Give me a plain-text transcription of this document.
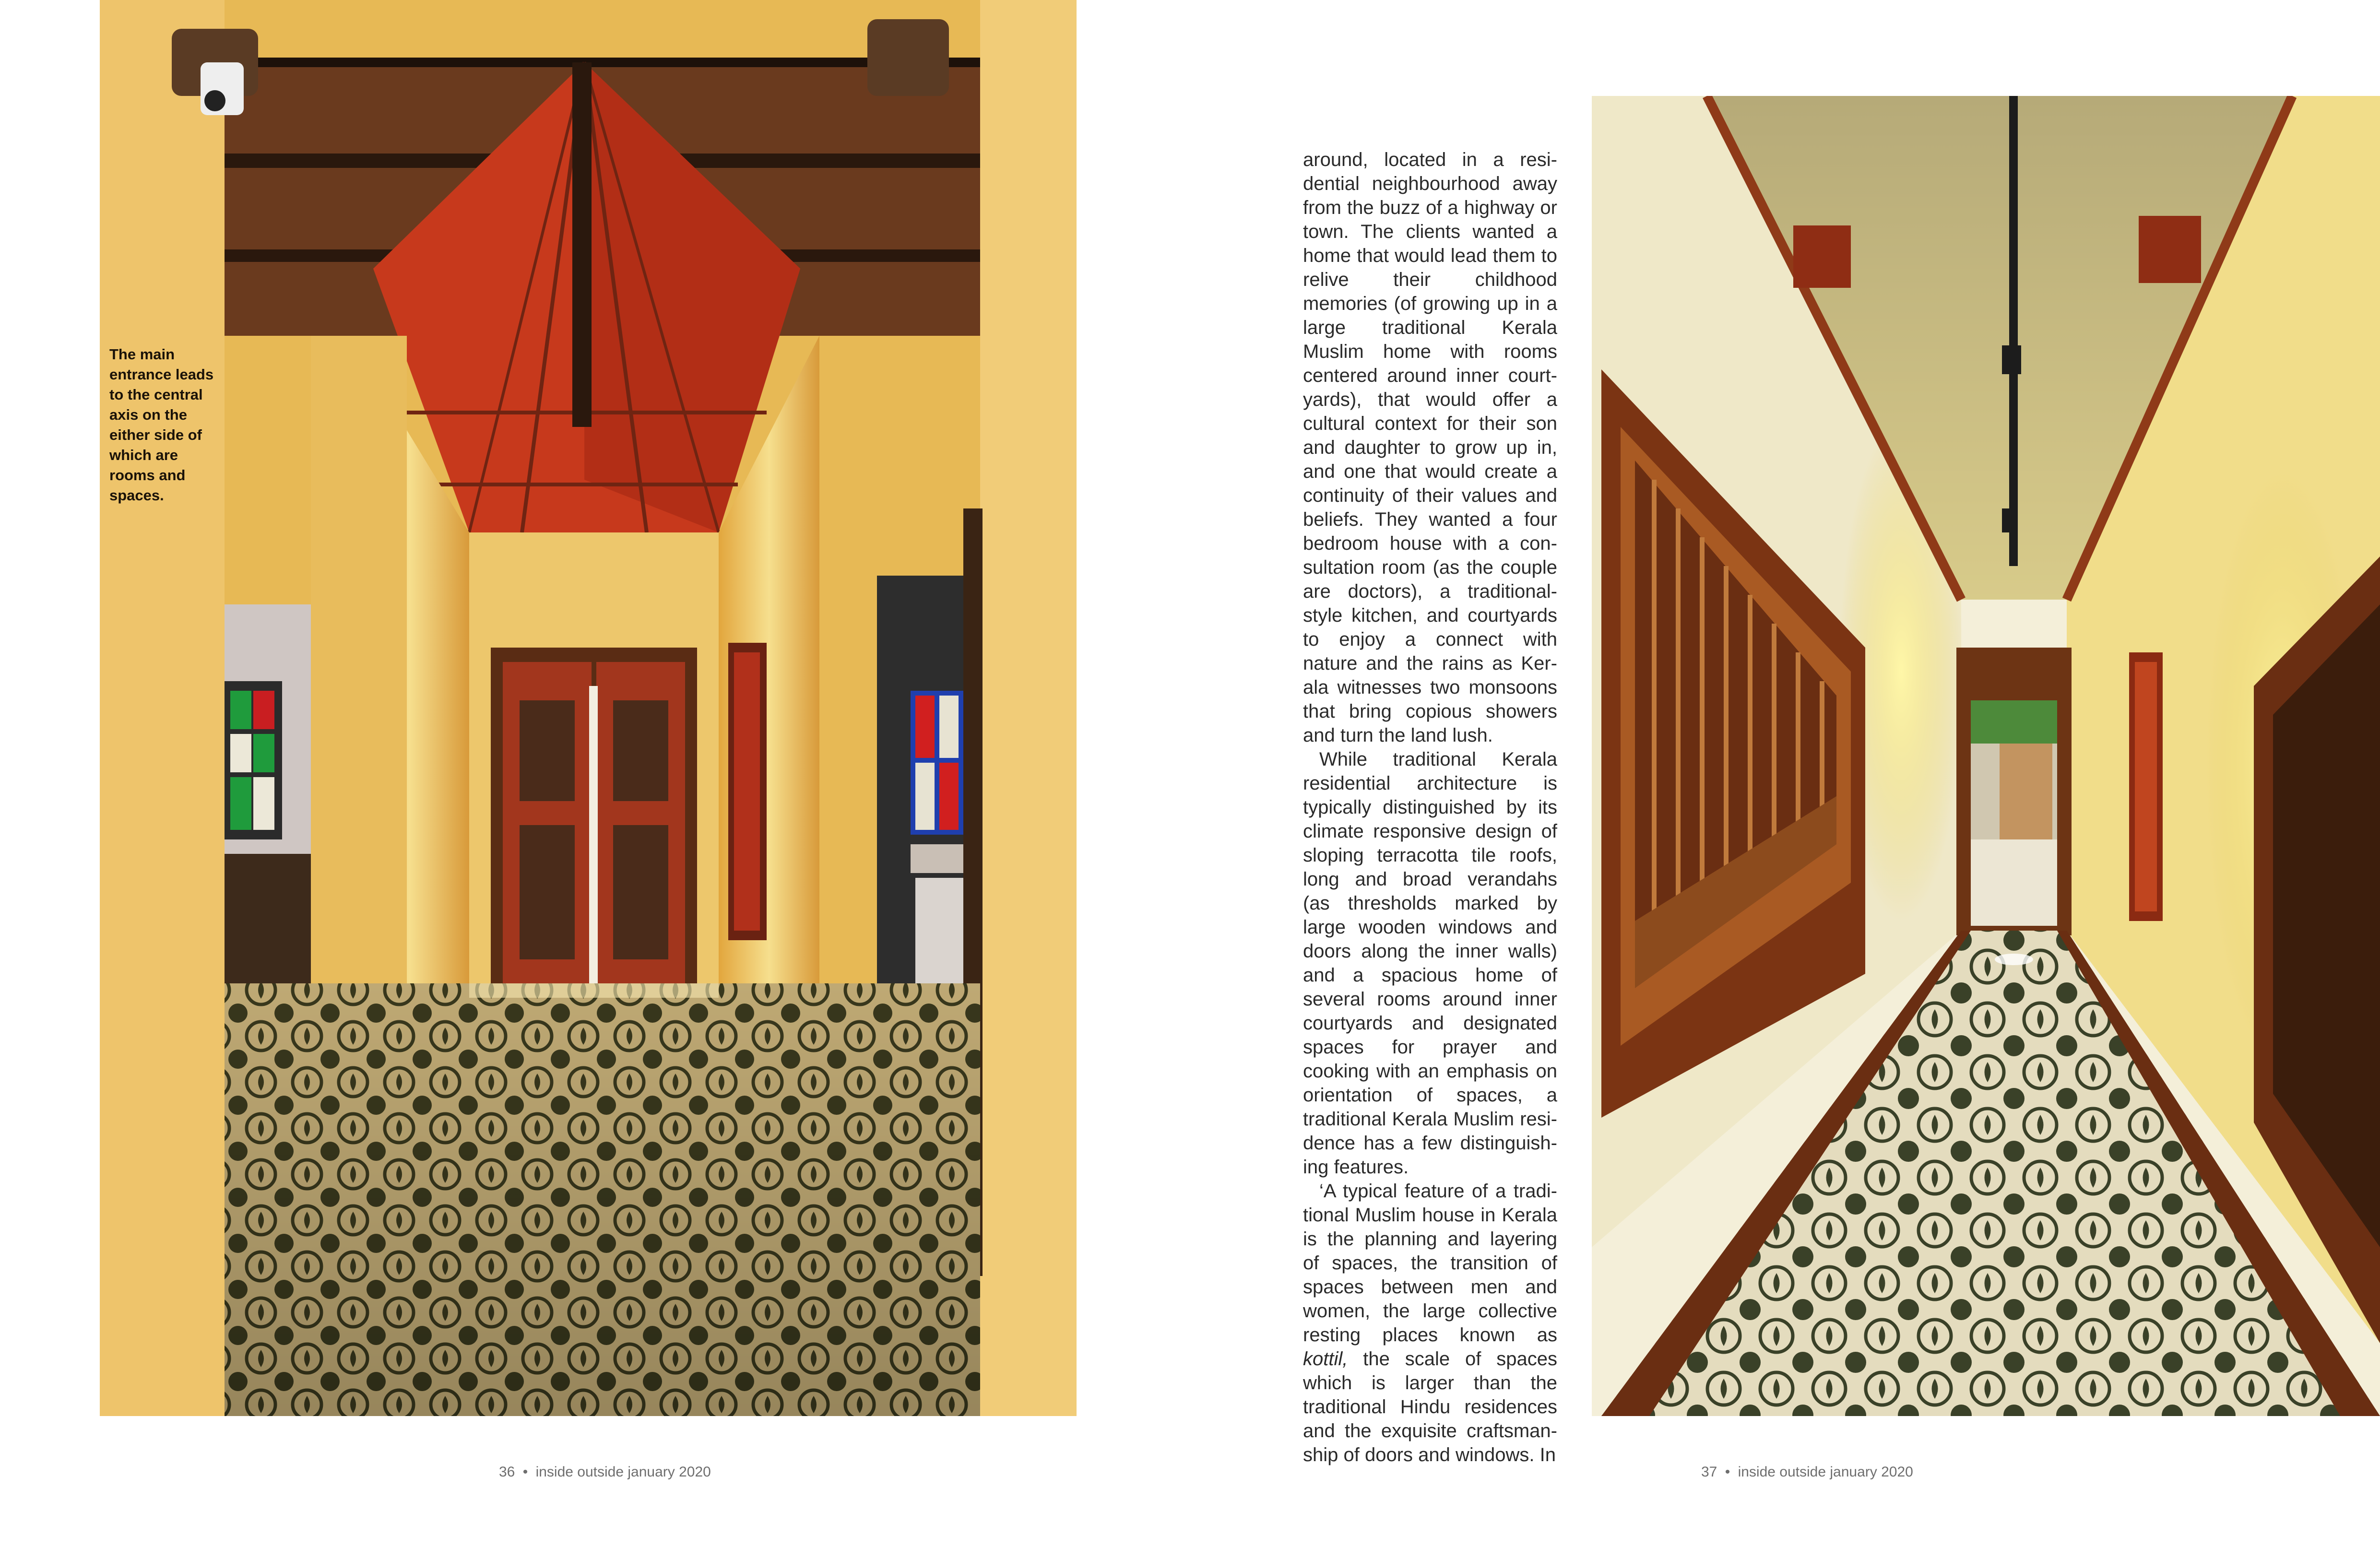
The main entrance leads to the central axis on the either side of which are rooms and spaces.

36 • inside outside january 2020

around, located in a residential neighbourhood away from the buzz of a highway or town. The clients wanted a home that would lead them to relive their childhood memories (of growing up in a large traditional Kerala Muslim home with rooms centered around inner courtyards), that would offer a cultural context for their son and daughter to grow up in, and one that would create a continuity of their values and beliefs. They wanted a four bedroom house with a consultation room (as the couple are doctors), a traditional-style kitchen, and courtyards to enjoy a connect with nature and the rains as Kerala witnesses two monsoons that bring copious showers and turn the land lush.

While traditional Kerala residential architecture is typically distinguished by its climate responsive design of sloping terracotta tile roofs, long and broad verandahs (as thresholds marked by large wooden windows and doors along the inner walls) and a spacious home of several rooms around inner courtyards and designated spaces for prayer and cooking with an emphasis on orientation of spaces, a traditional Kerala Muslim residence has a few distinguishing features.

‘A typical feature of a traditional Muslim house in Kerala is the planning and layering of spaces, the transition of spaces between men and women, the large collective resting places known as kottil, the scale of spaces which is larger than the traditional Hindu residences and the exquisite craftsmanship of doors and windows. In

37 • inside outside january 2020
